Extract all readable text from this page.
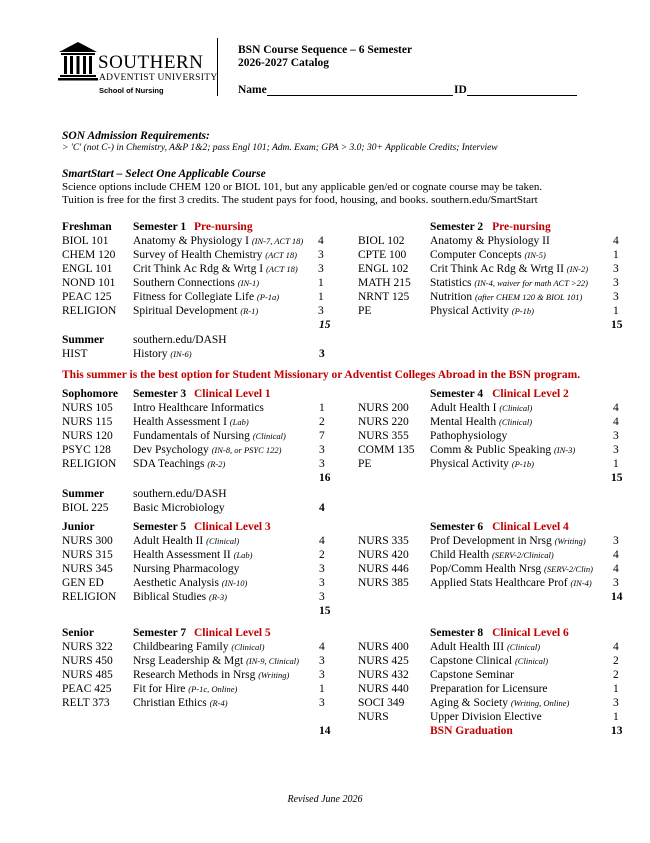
SOUTHERN
ADVENTIST UNIVERSITY
School of Nursing
BSN Course Sequence – 6 Semester
2026-2027 Catalog
Name	ID
SON Admission Requirements:
> 'C' (not C-) in Chemistry, A&P 1&2; pass Engl 101; Adm. Exam; GPA > 3.0; 30+ Applicable Credits; Interview
SmartStart – Select One Applicable Course
Science options include CHEM 120 or BIOL 101, but any applicable gen/ed or cognate course may be taken.
Tuition is free for the first 3 credits. The student pays for food, housing, and books. southern.edu/SmartStart
Freshman Semester 1 Pre-nursing	Semester 2 Pre-nursing
BIOL 101 Anatomy & Physiology I (IN-7, ACT 18) 4
CHEM 120 Survey of Health Chemistry (ACT 18) 3
ENGL 101 Crit Think Ac Rdg & Wrtg I (ACT 18) 3
NOND 101 Southern Connections (IN-1)	1
PEAC 125 Fitness for Collegiate Life (P-1a)	1
RELIGION Spiritual Development (R-1)	3
15
BIOL 102 Anatomy & Physiology II	4
CPTE 100 Computer Concepts (IN-5)	1
ENGL 102 Crit Think Ac Rdg & Wrtg II (IN-2) 3
MATH 215 Statistics (IN-4, waiver for math ACT >22) 3
NRNT 125 Nutrition (after CHEM 120 & BIOL 101)	3
PE	Physical Activity (P-1b)	1
15
Sophomore Semester 3 Clinical Level 1	Semester 4 Clinical Level 2
NURS 105 Intro Healthcare Informatics	1
NURS 115 Health Assessment I (Lab)	2
NURS 120 Fundamentals of Nursing (Clinical)	7
PSYC 128 Dev Psychology (IN-8, or PSYC 122)	3
RELIGION SDA Teachings (R-2)	3
16
NURS 200 Adult Health I (Clinical)	4
NURS 220 Mental Health (Clinical)	4
NURS 355 Pathophysiology	3
COMM 135 Comm & Public Speaking (IN-3)	3
PE	Physical Activity (P-1b)	1
15
Junior	Semester 5 Clinical Level 3	Semester 6 Clinical Level 4
NURS 300 Adult Health II (Clinical)	4
NURS 315 Health Assessment II (Lab)	2
NURS 345 Nursing Pharmacology	3
GEN ED	Aesthetic Analysis (IN-10)	3
RELIGION Biblical Studies (R-3)	3
15
NURS 335 Prof Development in Nrsg (Writing) 3
NURS 420 Child Health (SERV-2/Clinical)	4
NURS 446 Pop/Comm Health Nrsg (SERV-2/Clin) 4
NURS 385 Applied Stats Healthcare Prof (IN-4) 3
14
Senior	Semester 7 Clinical Level 5	Semester 8 Clinical Level 6
NURS 322 Childbearing Family (Clinical)	4
NURS 450 Nrsg Leadership & Mgt (IN-9, Clinical) 3
NURS 485 Research Methods in Nrsg (Writing)	3
PEAC 425 Fit for Hire (P-1c, Online)	1
RELT 373 Christian Ethics (R-4)	3
14
NURS 400 Adult Health III (Clinical)	4
NURS 425 Capstone Clinical (Clinical)	2
NURS 432 Capstone Seminar	2
NURS 440 Preparation for Licensure	1
SOCI 349 Aging & Society (Writing, Online)	3
NURS	Upper Division Elective	1
BSN Graduation	13
Summer	southern.edu/DASH
HIST	History (IN-6)	3
This summer is the best option for Student Missionary or Adventist Colleges Abroad in the BSN program.
Summer	southern.edu/DASH
BIOL 225 Basic Microbiology	4
Revised June 2026
